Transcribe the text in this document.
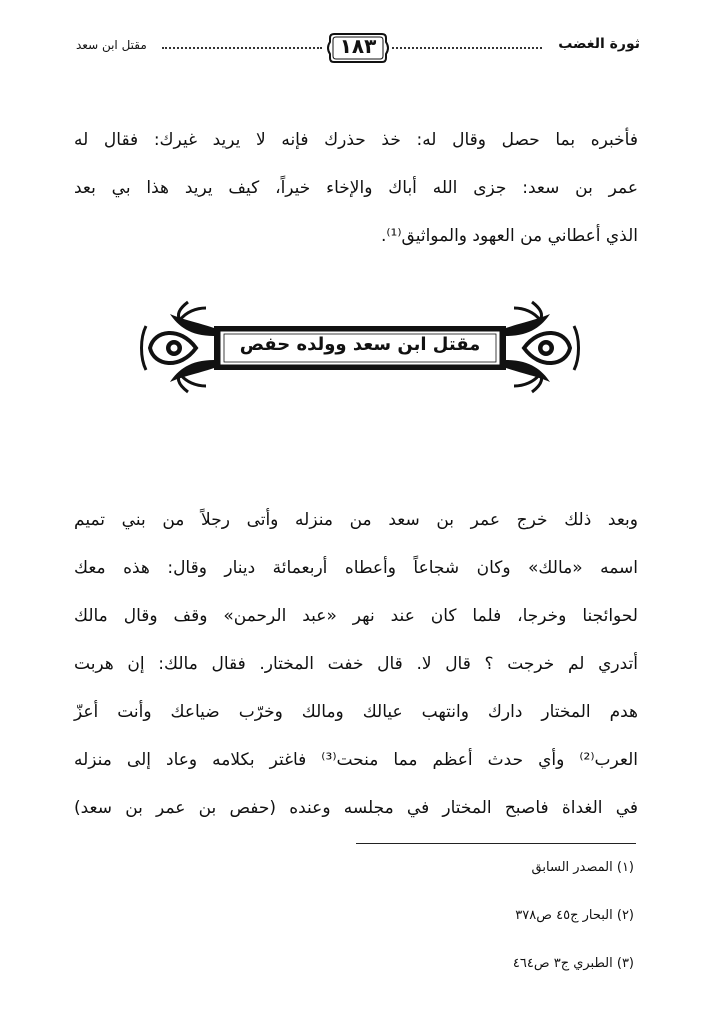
مقتل ابن سعد	١٨٣	ثورة الغضب
فأخبره بما حصل وقال له: خذ حذرك فإنه لا يريد غيرك: فقال له
عمر بن سعد: جزى الله أباك والإخاء خيراً، كيف يريد هذا بي بعد
الذي أعطاني من العهود والمواثيق⁽¹⁾.
مقتل ابن سعد وولده حفص
وبعد ذلك خرج عمر بن سعد من منزله وأتى رجلاً من بني تميم
اسمه «مالك» وكان شجاعاً وأعطاه أربعمائة دينار وقال: هذه معك
لحوائجنا وخرجا، فلما كان عند نهر «عبد الرحمن» وقف وقال مالك
أتدري لم خرجت ؟ قال لا. قال خفت المختار. فقال مالك: إن هربت
هدم المختار دارك وانتهب عيالك ومالك وخرّب ضياعك وأنت أعزّ
العرب⁽²⁾ وأي حدث أعظم مما منحت⁽³⁾ فاغتر بكلامه وعاد إلى منزله
في الغداة فاصبح المختار في مجلسه وعنده (حفص بن عمر بن سعد)
(١) المصدر السابق
(٢) البحار ج٤٥ ص٣٧٨
(٣) الطبري ج٣ ص٤٦٤
